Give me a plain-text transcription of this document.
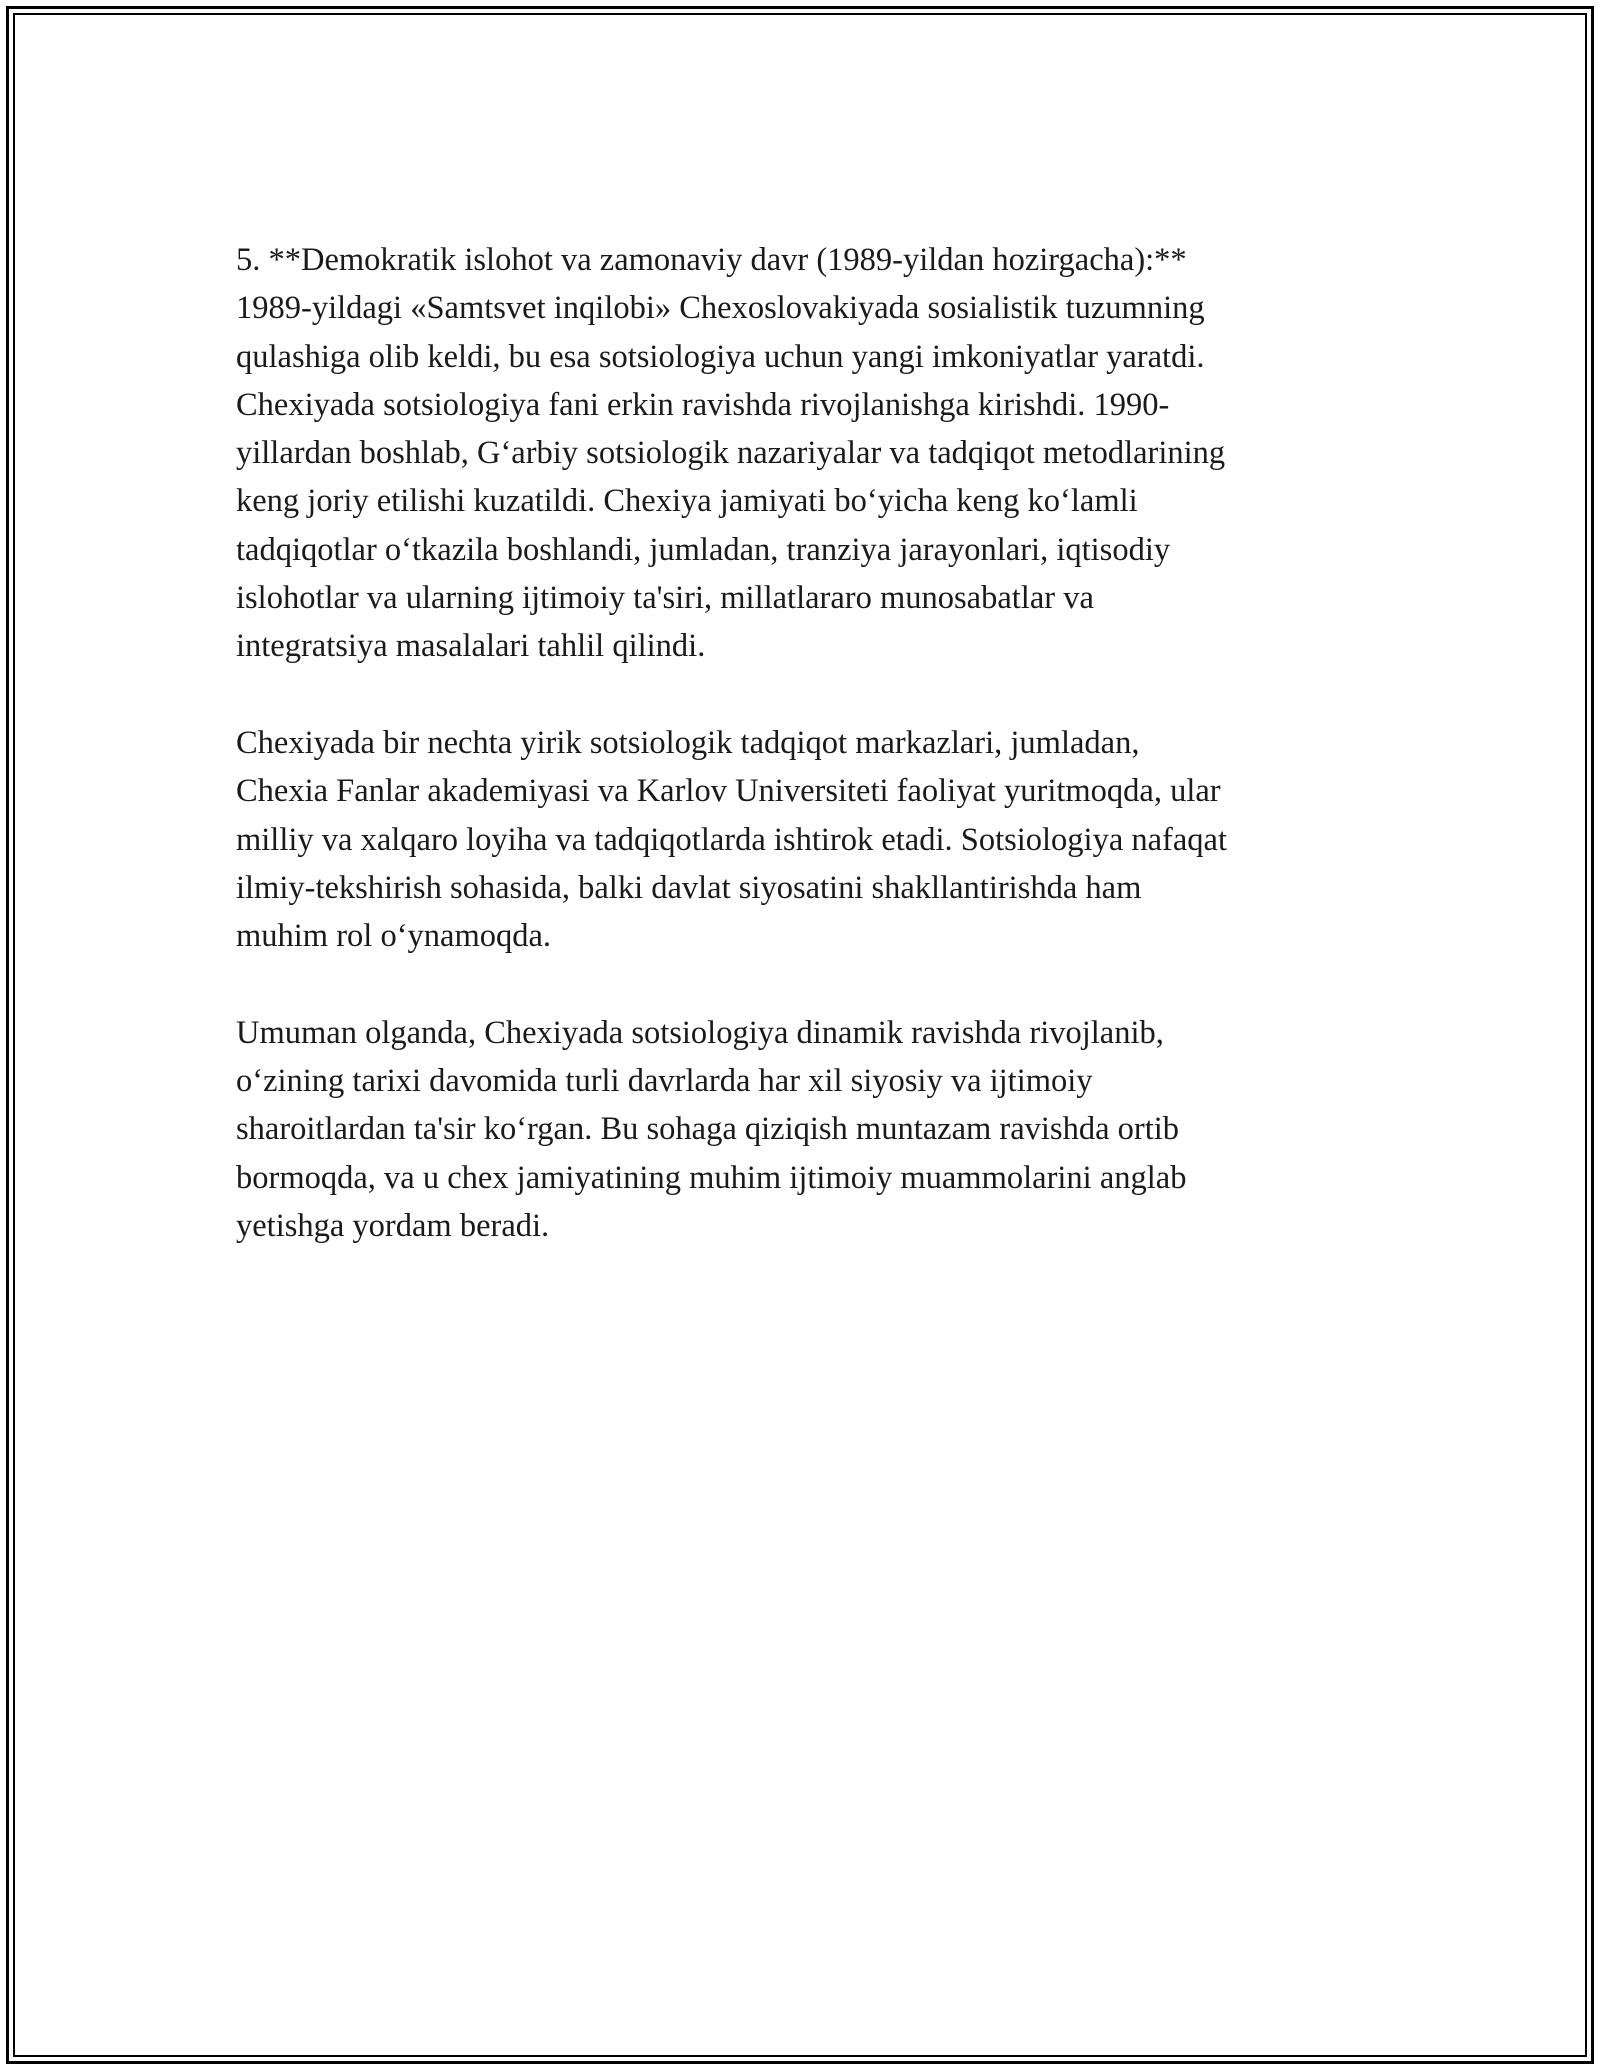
5. **Demokratik islohot va zamonaviy davr (1989-yildan hozirgacha):**
1989-yildagi «Samtsvet inqilobi» Chexoslovakiyada sosialistik tuzumning
qulashiga olib keldi, bu esa sotsiologiya uchun yangi imkoniyatlar yaratdi.
Chexiyada sotsiologiya fani erkin ravishda rivojlanishga kirishdi. 1990-
yillardan boshlab, G‘arbiy sotsiologik nazariyalar va tadqiqot metodlarining
keng joriy etilishi kuzatildi. Chexiya jamiyati bo‘yicha keng ko‘lamli
tadqiqotlar o‘tkazila boshlandi, jumladan, tranziya jarayonlari, iqtisodiy
islohotlar va ularning ijtimoiy ta'siri, millatlararo munosabatlar va
integratsiya masalalari tahlil qilindi.

Chexiyada bir nechta yirik sotsiologik tadqiqot markazlari, jumladan,
Chexia Fanlar akademiyasi va Karlov Universiteti faoliyat yuritmoqda, ular
milliy va xalqaro loyiha va tadqiqotlarda ishtirok etadi. Sotsiologiya nafaqat
ilmiy-tekshirish sohasida, balki davlat siyosatini shakllantirishda ham
muhim rol o‘ynamoqda.

Umuman olganda, Chexiyada sotsiologiya dinamik ravishda rivojlanib,
o‘zining tarixi davomida turli davrlarda har xil siyosiy va ijtimoiy
sharoitlardan ta'sir ko‘rgan. Bu sohaga qiziqish muntazam ravishda ortib
bormoqda, va u chex jamiyatining muhim ijtimoiy muammolarini anglab
yetishga yordam beradi.
